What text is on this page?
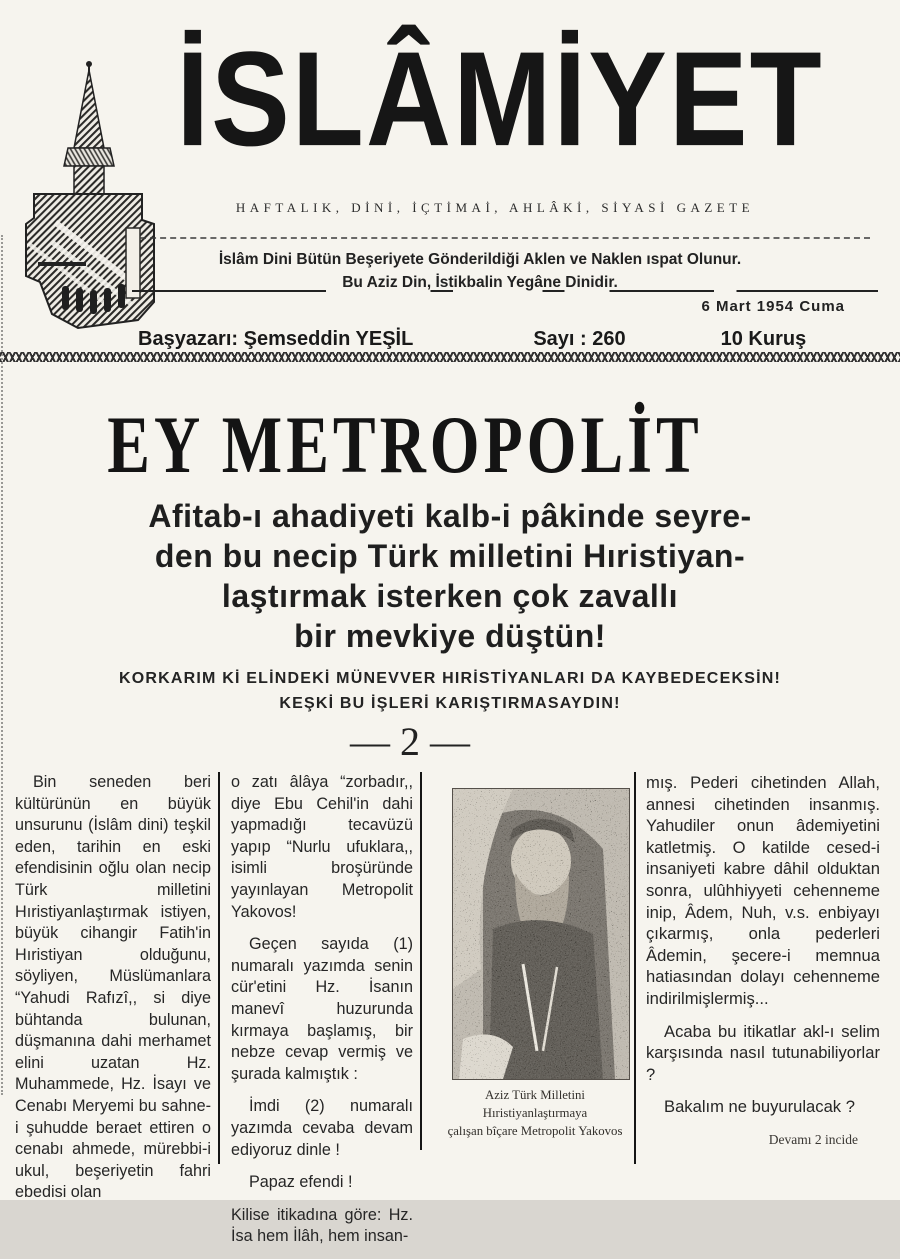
İSLÂMİYET
HAFTALIK, DİNİ, İÇTİMAİ, AHLÂKİ, SİYASİ GAZETE
İslâm Dini Bütün Beşeriyete Gönderildiği Aklen ve Naklen ıspat Olunur.
Bu Aziz Din, İstikbalin Yegâne Dinidir.
6 Mart 1954 Cuma
Başyazarı: Şemseddin YEŞİL	Sayı : 260	10 Kuruş
EY METROPOLİT
Afitab-ı ahadiyeti kalb-i pâkinde seyre-
den bu necip Türk milletini Hıristiyan-
laştırmak isterken çok zavallı
bir mevkiye düştün!
KORKARIM Kİ ELİNDEKİ MÜNEVVER HIRİSTİYANLARI DA KAYBEDECEKSİN!
KEŞKİ BU İŞLERİ KARIŞTIRMASAYDIN!
— 2 —

Bin seneden beri kültürünün en büyük unsurunu (İslâm dini) teşkil eden, tarihin en eski efendisinin oğlu olan necip Türk milletini Hıristiyanlaştırmak istiyen, büyük cihangir Fatih'in Hıristiyan olduğunu, söyliyen, Müslümanlara “Yahudi Rafızî,, si diye bühtanda bulunan, düşmanına dahi merhamet elini uzatan Hz. Muhammede, Hz. İsayı ve Cenabı Meryemi bu sahne-i şuhudde beraet ettiren o cenabı ahmede, mürebbi-i ukul, beşeriyetin fahri ebedisi olan

o zatı âlâya “zorbadır,, diye Ebu Cehil'in dahi yapmadığı tecavüzü yapıp “Nurlu ufuklara,, isimli broşüründe yayınlayan Metropolit Yakovos!

Geçen sayıda (1) numaralı yazımda senin cür'etini Hz. İsanın manevî huzurunda kırmaya başlamış, bir nebze cevap vermiş ve şurada kalmıştık :

İmdi (2) numaralı yazımda cevaba devam ediyoruz dinle !

Papaz efendi !

Kilise itikadına göre: Hz. İsa hem İlâh, hem insan-

Aziz Türk Milletini Hıristiyanlaştırmaya
çalışan bîçare Metropolit Yakovos

mış. Pederi cihetinden Allah, annesi cihetinden insanmış. Yahudiler onun âdemiyetini katletmiş. O katilde cesed-i insaniyeti kabre dâhil olduktan sonra, ulûhhiyyeti cehenneme inip, Âdem, Nuh, v.s. enbiyayı çıkarmış, onla pederleri Âdemin, şecere-i memnua hatiasından dolayı cehenneme indirilmişlermiş...

Acaba bu itikatlar akl-ı selim karşısında nasıl tutunabiliyorlar ?

Bakalım ne buyurulacak ?

Devamı 2 incide
